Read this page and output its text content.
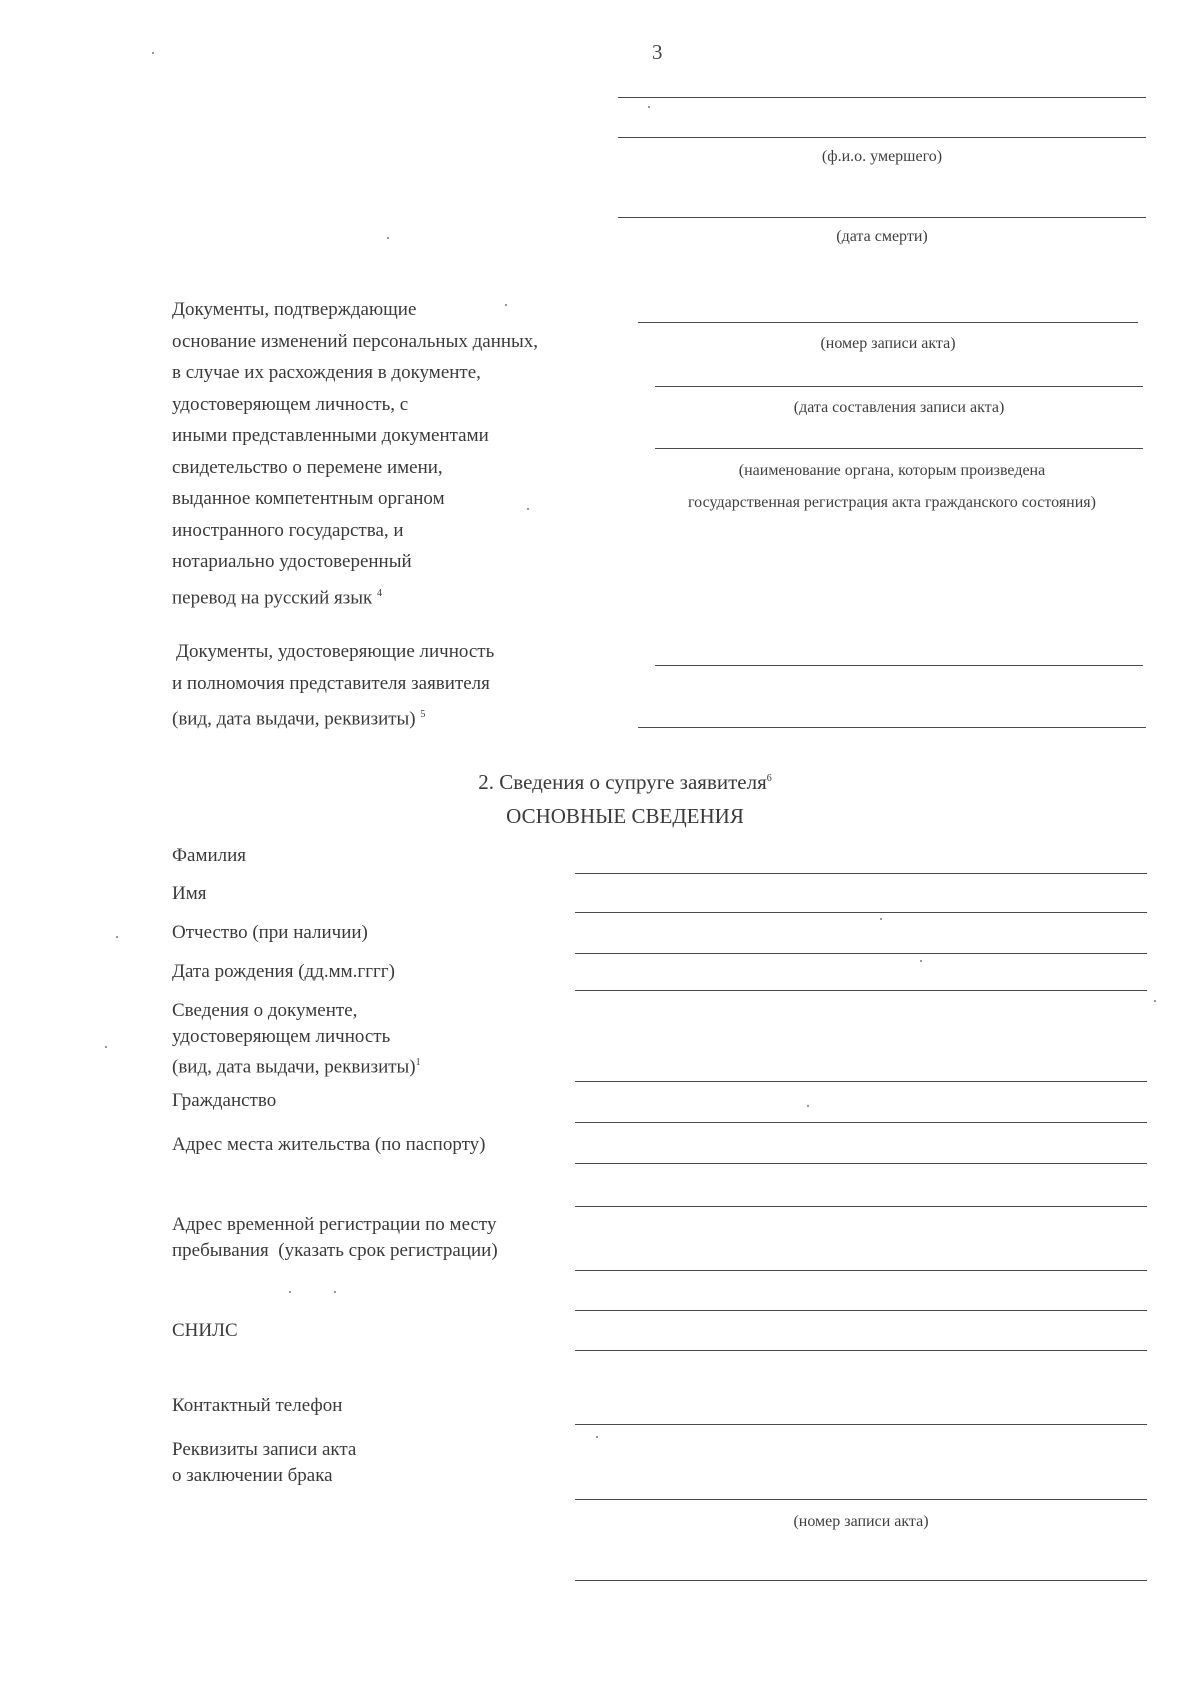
3
(ф.и.о. умершего)
(дата смерти)
Документы, подтверждающие
основание изменений персональных данных,
в случае их расхождения в документе,
удостоверяющем личность, с
иными представленными документами
свидетельство о перемене имени,
выданное компетентным органом
иностранного государства, и
нотариально удостоверенный
перевод на русский язык $^4$
(номер записи акта)
(дата составления записи акта)
(наименование органа, которым произведена
государственная регистрация акта гражданского состояния)
Документы, удостоверяющие личность
и полномочия представителя заявителя
(вид, дата выдачи, реквизиты) $^5$
2. Сведения о супруге заявителя$^6$
ОСНОВНЫЕ СВЕДЕНИЯ
Фамилия
Имя
Отчество (при наличии)
Дата рождения (дд.мм.гггг)
Сведения о документе,
удостоверяющем личность
(вид, дата выдачи, реквизиты)$^1$
Гражданство
Адрес места жительства (по паспорту)
Адрес временной регистрации по месту
пребывания  (указать срок регистрации)
СНИЛС
Контактный телефон
Реквизиты записи акта
о заключении брака
(номер записи акта)
